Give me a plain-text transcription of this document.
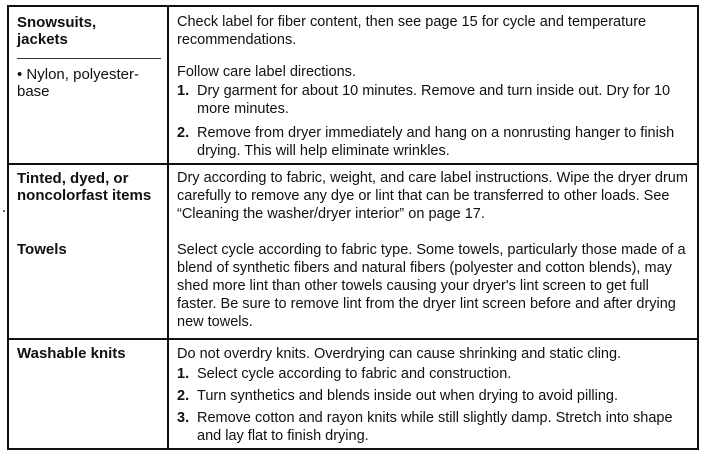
Snowsuits, jackets
• Nylon, polyester-base
Check label for fiber content, then see page 15 for cycle and temperature recommendations.
Follow care label directions.
1. Dry garment for about 10 minutes. Remove and turn inside out. Dry for 10 more minutes.
2. Remove from dryer immediately and hang on a nonrusting hanger to finish drying. This will help eliminate wrinkles.
Tinted, dyed, or noncolorfast items
Towels
Dry according to fabric, weight, and care label instructions. Wipe the dryer drum carefully to remove any dye or lint that can be transferred to other loads. See “Cleaning the washer/dryer interior” on page 17.
Select cycle according to fabric type. Some towels, particularly those made of a blend of synthetic fibers and natural fibers (polyester and cotton blends), may shed more lint than other towels causing your dryer's lint screen to get full faster. Be sure to remove lint from the dryer lint screen before and after drying new towels.
Washable knits	Do not overdry knits. Overdrying can cause shrinking and static cling.
1. Select cycle according to fabric and construction.
2. Turn synthetics and blends inside out when drying to avoid pilling.
3. Remove cotton and rayon knits while still slightly damp. Stretch into shape and lay flat to finish drying.
